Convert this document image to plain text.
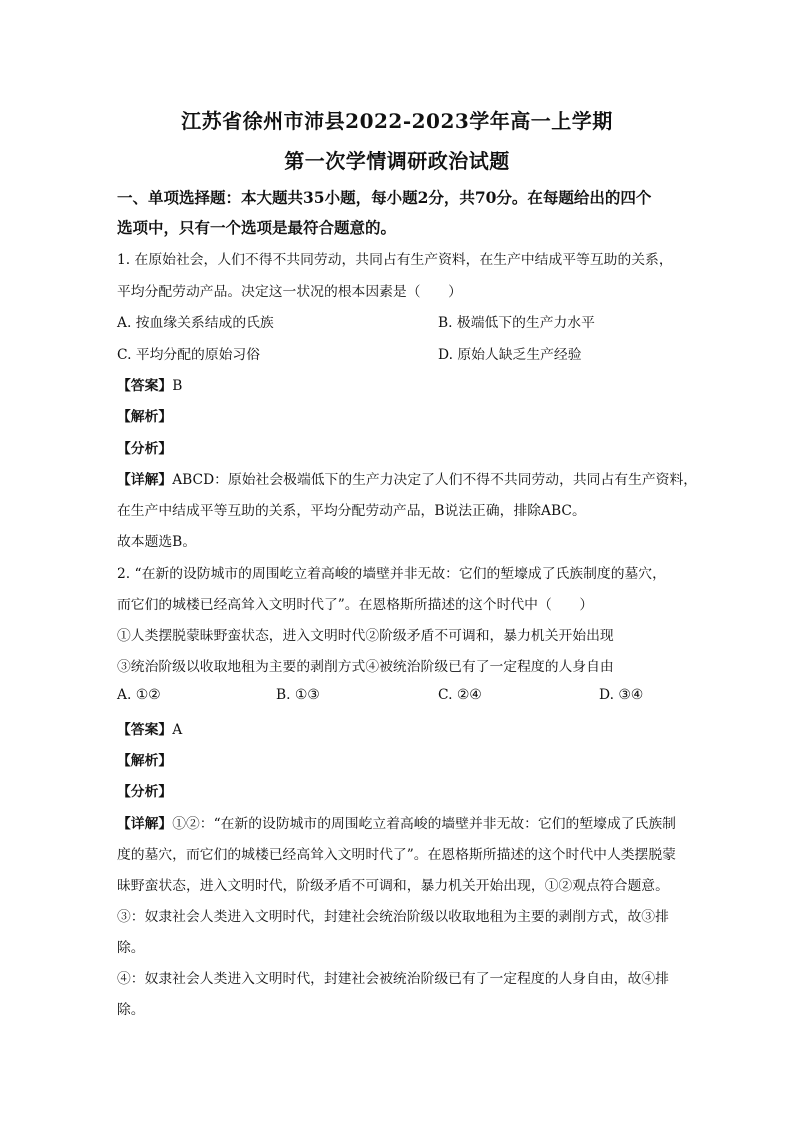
江苏省徐州市沛县2022-2023学年高一上学期
第一次学情调研政治试题
一、单项选择题：本大题共35小题，每小题2分，共70分。在每题给出的四个
选项中，只有一个选项是最符合题意的。
1. 在原始社会，人们不得不共同劳动，共同占有生产资料，在生产中结成平等互助的关系，
平均分配劳动产品。决定这一状况的根本因素是（　　）
A. 按血缘关系结成的氏族	B. 极端低下的生产力水平
C. 平均分配的原始习俗	D. 原始人缺乏生产经验
【答案】B
【解析】
【分析】
【详解】ABCD：原始社会极端低下的生产力决定了人们不得不共同劳动，共同占有生产资料，
在生产中结成平等互助的关系，平均分配劳动产品，B说法正确，排除ABC。
故本题选B。
2. “在新的设防城市的周围屹立着高峻的墙壁并非无故：它们的堑壕成了氏族制度的墓穴，
而它们的城楼已经高耸入文明时代了”。在恩格斯所描述的这个时代中（　　）
①人类摆脱蒙昧野蛮状态，进入文明时代②阶级矛盾不可调和，暴力机关开始出现
③统治阶级以收取地租为主要的剥削方式④被统治阶级已有了一定程度的人身自由
A. ①②	B. ①③	C. ②④	D. ③④
【答案】A
【解析】
【分析】
【详解】①②：“在新的设防城市的周围屹立着高峻的墙壁并非无故：它们的堑壕成了氏族制
度的墓穴，而它们的城楼已经高耸入文明时代了”。在恩格斯所描述的这个时代中人类摆脱蒙
昧野蛮状态，进入文明时代，阶级矛盾不可调和，暴力机关开始出现，①②观点符合题意。
③：奴隶社会人类进入文明时代，封建社会统治阶级以收取地租为主要的剥削方式，故③排
除。
④：奴隶社会人类进入文明时代，封建社会被统治阶级已有了一定程度的人身自由，故④排
除。
